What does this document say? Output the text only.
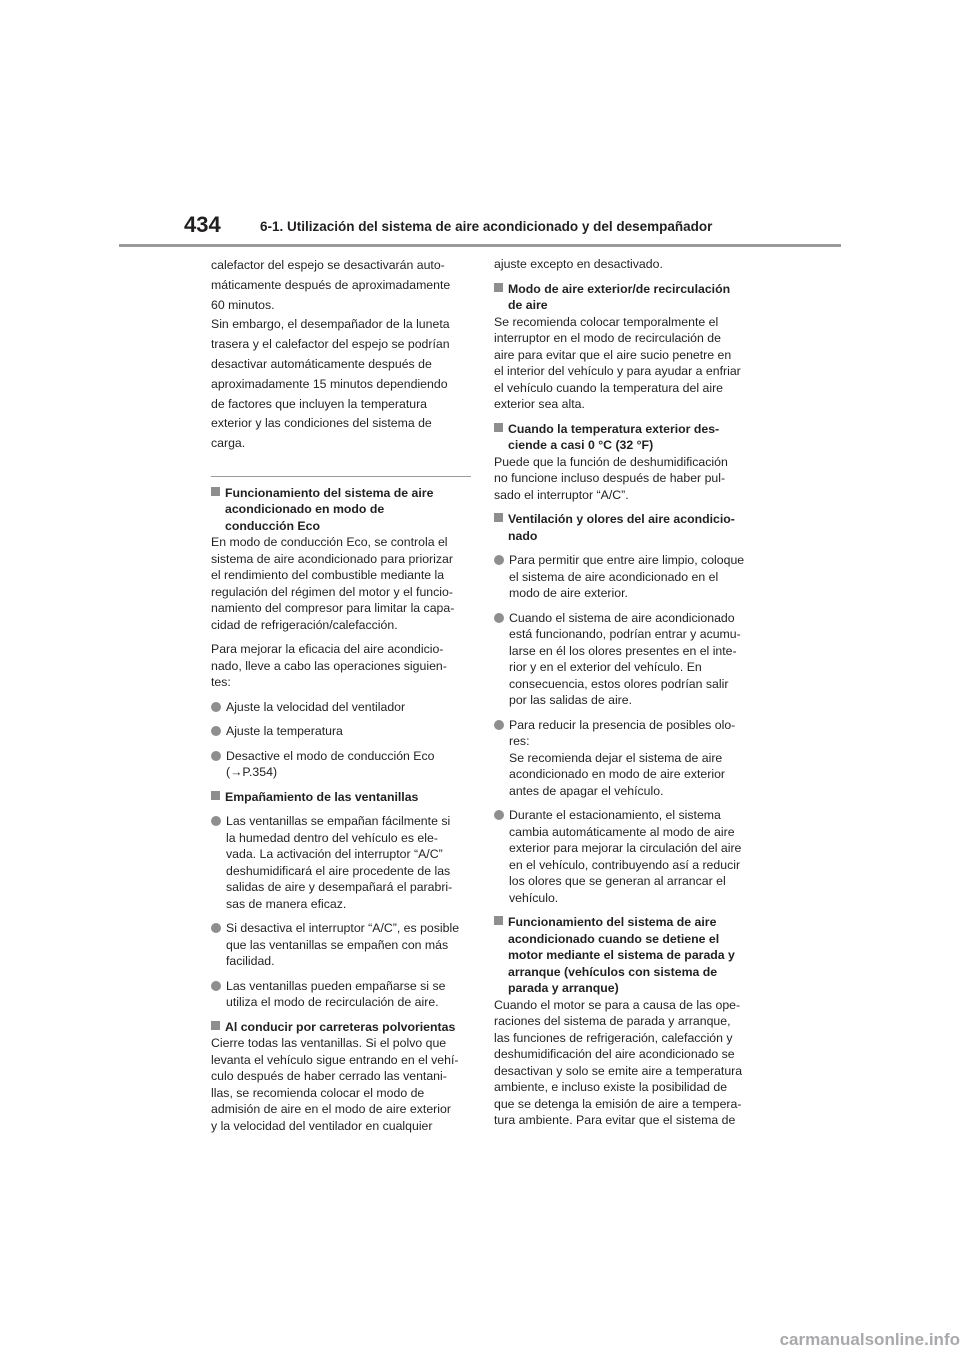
434	6-1. Utilización del sistema de aire acondicionado y del desempañador

calefactor del espejo se desactivarán auto-

máticamente después de aproximadamente

60 minutos.

Sin embargo, el desempañador de la luneta

trasera y el calefactor del espejo se podrían

desactivar automáticamente después de

aproximadamente 15 minutos dependiendo

de factores que incluyen la temperatura

exterior y las condiciones del sistema de

carga.

Funcionamiento del sistema de aire
acondicionado en modo de
conducción Eco

En modo de conducción Eco, se controla el
sistema de aire acondicionado para priorizar
el rendimiento del combustible mediante la
regulación del régimen del motor y el funcio-
namiento del compresor para limitar la capa-
cidad de refrigeración/calefacción.

Para mejorar la eficacia del aire acondicio-
nado, lleve a cabo las operaciones siguien-
tes:

Ajuste la velocidad del ventilador
Ajuste la temperatura
Desactive el modo de conducción Eco
(→P.354)
Empañamiento de las ventanillas
Las ventanillas se empañan fácilmente si
la humedad dentro del vehículo es ele-
vada. La activación del interruptor “A/C”
deshumidificará el aire procedente de las
salidas de aire y desempañará el parabri-
sas de manera eficaz.
Si desactiva el interruptor “A/C”, es posible
que las ventanillas se empañen con más
facilidad.
Las ventanillas pueden empañarse si se
utiliza el modo de recirculación de aire.
Al conducir por carreteras polvorientas

Cierre todas las ventanillas. Si el polvo que
levanta el vehículo sigue entrando en el vehí-
culo después de haber cerrado las ventani-
llas, se recomienda colocar el modo de
admisión de aire en el modo de aire exterior
y la velocidad del ventilador en cualquier

ajuste excepto en desactivado.

Modo de aire exterior/de recirculación
de aire

Se recomienda colocar temporalmente el
interruptor en el modo de recirculación de
aire para evitar que el aire sucio penetre en
el interior del vehículo y para ayudar a enfriar
el vehículo cuando la temperatura del aire
exterior sea alta.

Cuando la temperatura exterior des-
ciende a casi 0 °C (32 °F)

Puede que la función de deshumidificación
no funcione incluso después de haber pul-
sado el interruptor “A/C”.

Ventilación y olores del aire acondicio-
nado
Para permitir que entre aire limpio, coloque
el sistema de aire acondicionado en el
modo de aire exterior.
Cuando el sistema de aire acondicionado
está funcionando, podrían entrar y acumu-
larse en él los olores presentes en el inte-
rior y en el exterior del vehículo. En
consecuencia, estos olores podrían salir
por las salidas de aire.
Para reducir la presencia de posibles olo-
res:
Se recomienda dejar el sistema de aire
acondicionado en modo de aire exterior
antes de apagar el vehículo.
Durante el estacionamiento, el sistema
cambia automáticamente al modo de aire
exterior para mejorar la circulación del aire
en el vehículo, contribuyendo así a reducir
los olores que se generan al arrancar el
vehículo.
Funcionamiento del sistema de aire
acondicionado cuando se detiene el
motor mediante el sistema de parada y
arranque (vehículos con sistema de
parada y arranque)

Cuando el motor se para a causa de las ope-
raciones del sistema de parada y arranque,
las funciones de refrigeración, calefacción y
deshumidificación del aire acondicionado se
desactivan y solo se emite aire a temperatura
ambiente, e incluso existe la posibilidad de
que se detenga la emisión de aire a tempera-
tura ambiente. Para evitar que el sistema de

carmanualsonline.info
